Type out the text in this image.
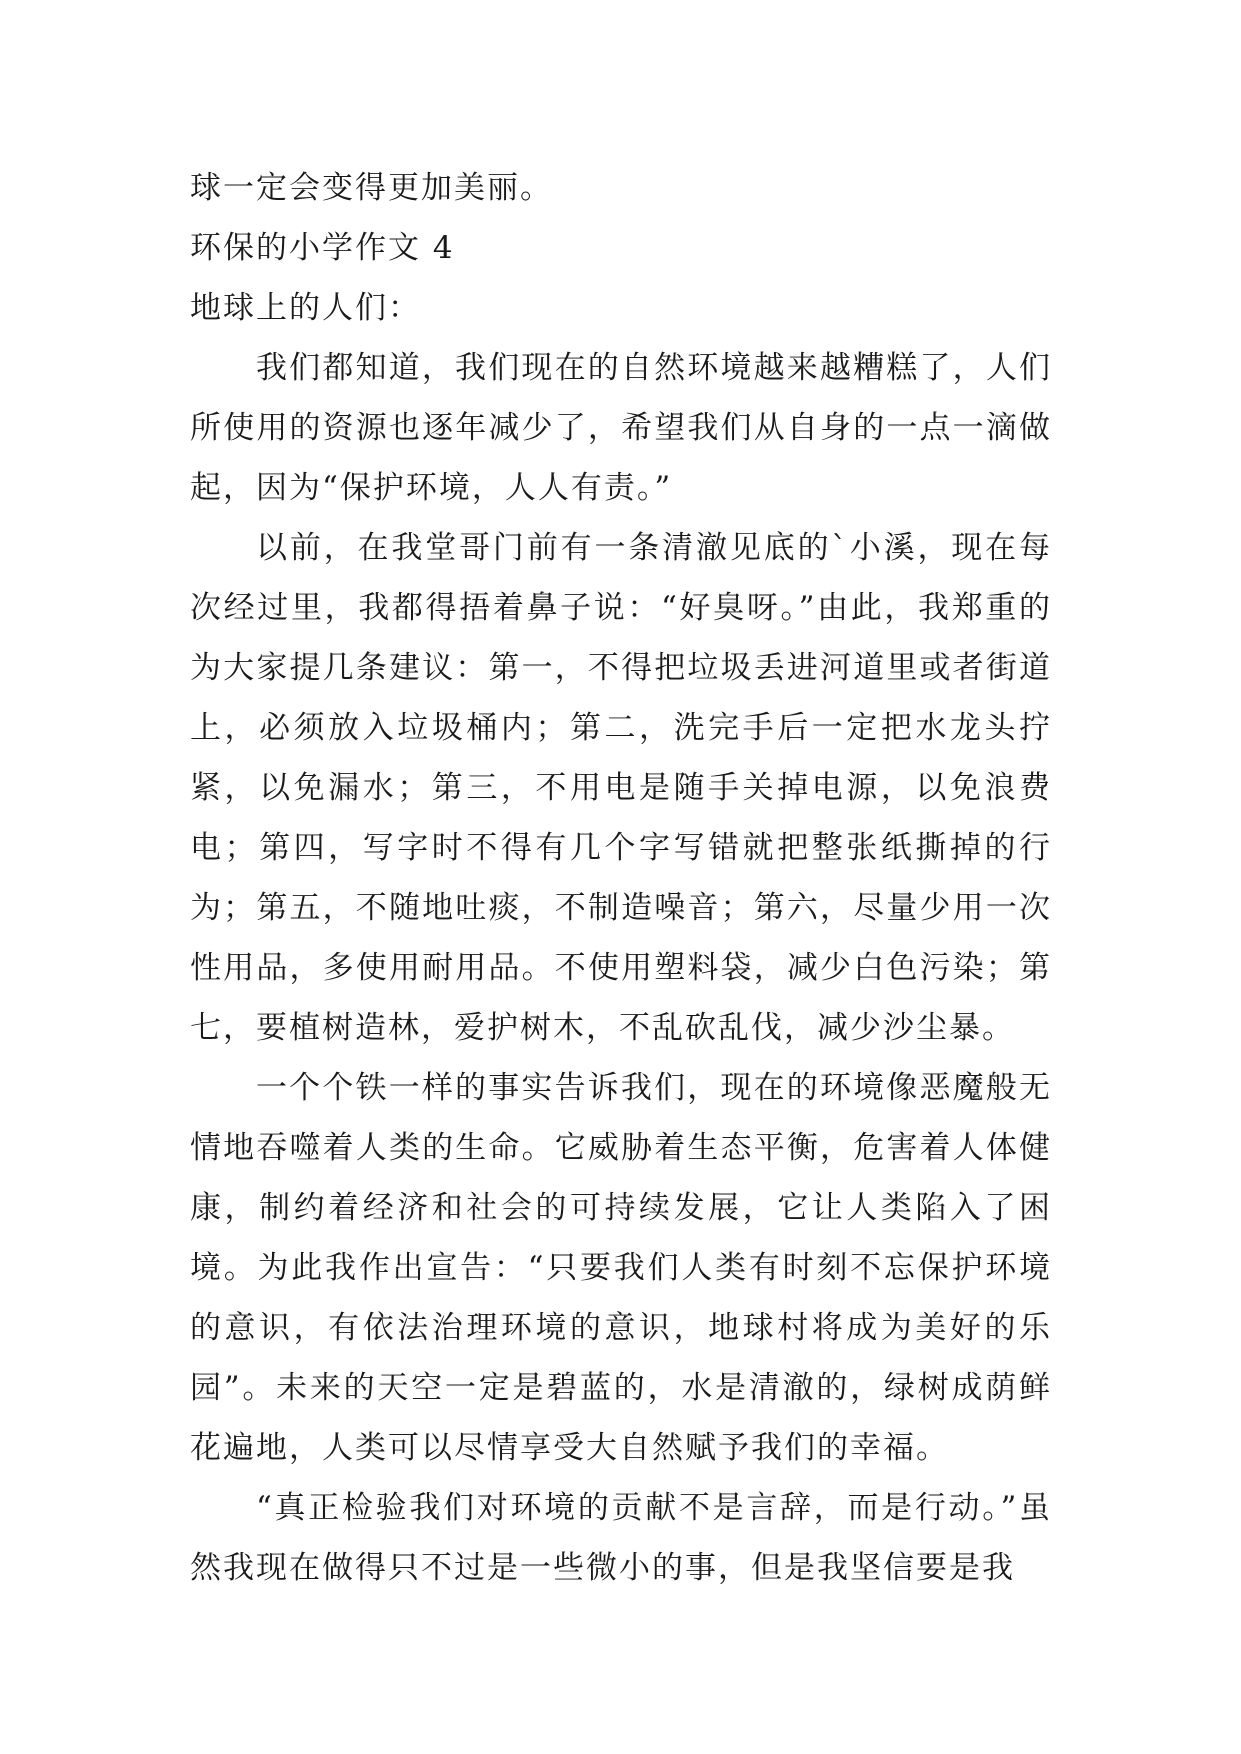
球一定会变得更加美丽。

环保的小学作文 4

地球上的人们：

我们都知道，我们现在的自然环境越来越糟糕了，人们所使用的资源也逐年减少了，希望我们从自身的一点一滴做起，因为“保护环境，人人有责。”

以前，在我堂哥门前有一条清澈见底的`小溪，现在每次经过里，我都得捂着鼻子说：“好臭呀。”由此，我郑重的为大家提几条建议：第一，不得把垃圾丢进河道里或者街道上，必须放入垃圾桶内；第二，洗完手后一定把水龙头拧紧，以免漏水；第三，不用电是随手关掉电源，以免浪费电；第四，写字时不得有几个字写错就把整张纸撕掉的行为；第五，不随地吐痰，不制造噪音；第六，尽量少用一次性用品，多使用耐用品。不使用塑料袋，减少白色污染；第七，要植树造林，爱护树木，不乱砍乱伐，减少沙尘暴。

一个个铁一样的事实告诉我们，现在的环境像恶魔般无情地吞噬着人类的生命。它威胁着生态平衡，危害着人体健康，制约着经济和社会的可持续发展，它让人类陷入了困境。为此我作出宣告：“只要我们人类有时刻不忘保护环境的意识，有依法治理环境的意识，地球村将成为美好的乐园”。未来的天空一定是碧蓝的，水是清澈的，绿树成荫鲜花遍地，人类可以尽情享受大自然赋予我们的幸福。

“真正检验我们对环境的贡献不是言辞，而是行动。”虽然我现在做得只不过是一些微小的事，但是我坚信要是我
